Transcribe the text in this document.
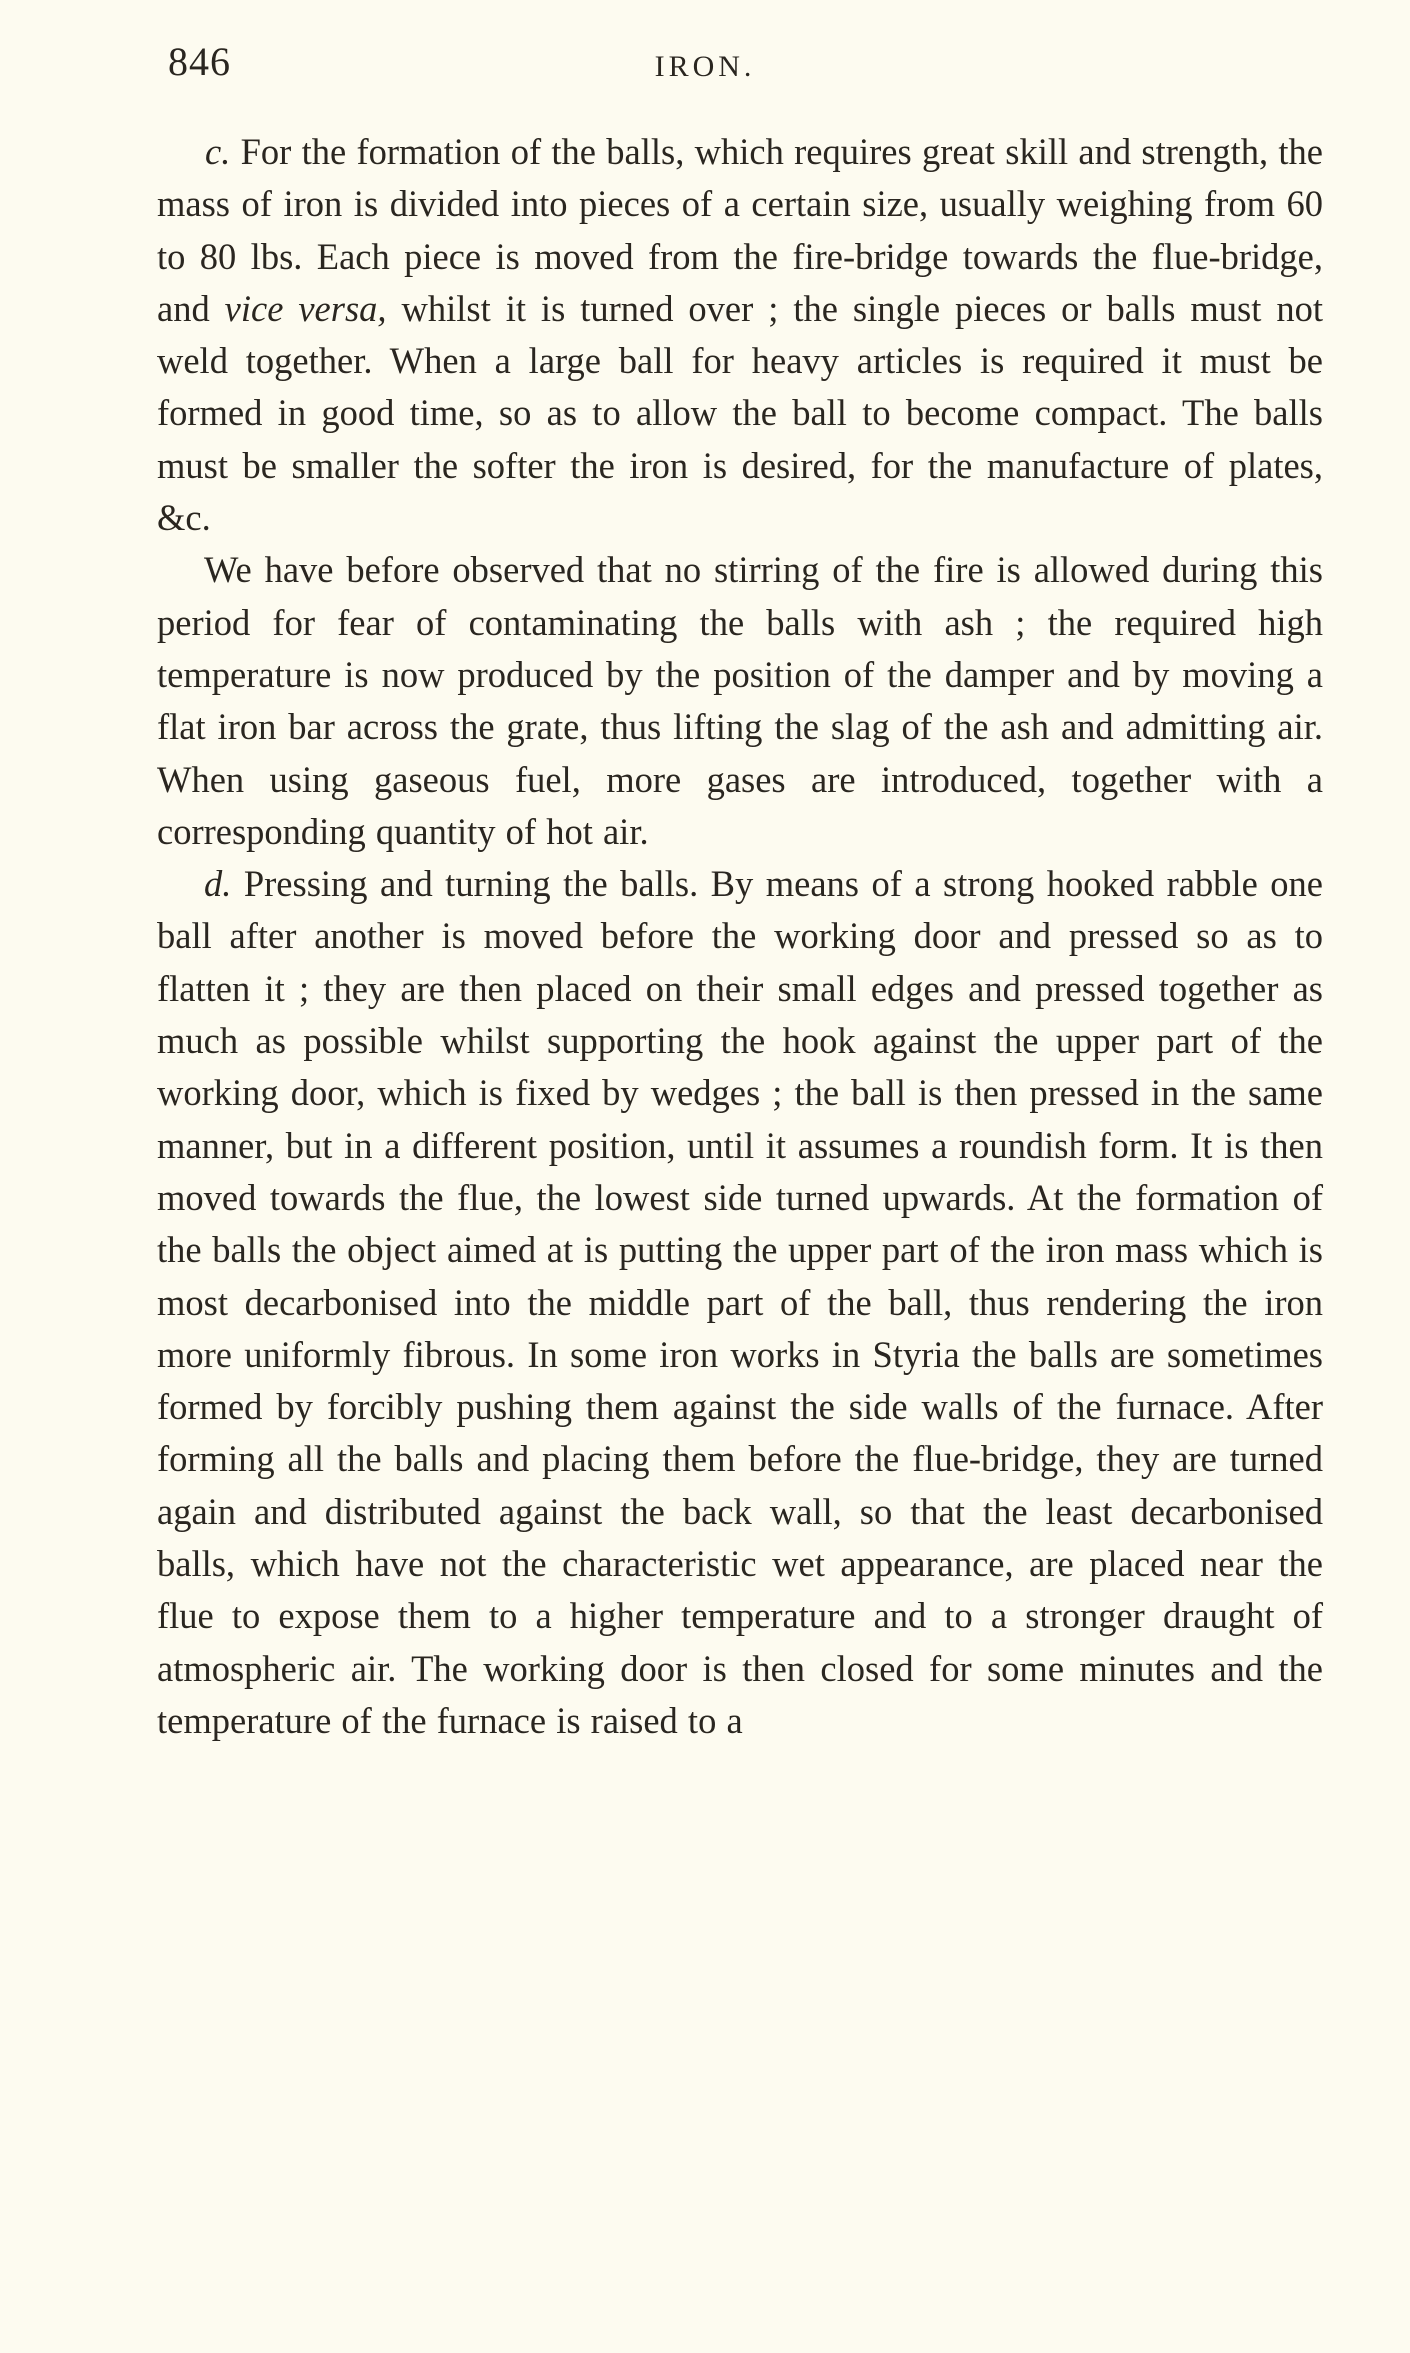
846	IRON.

c. For the formation of the balls, which requires great skill and strength, the mass of iron is divided into pieces of a certain size, usually weighing from 60 to 80 lbs. Each piece is moved from the fire-bridge towards the flue-bridge, and vice versa, whilst it is turned over ; the single pieces or balls must not weld together. When a large ball for heavy articles is required it must be formed in good time, so as to allow the ball to become compact. The balls must be smaller the softer the iron is desired, for the manufacture of plates, &c.

We have before observed that no stirring of the fire is allowed during this period for fear of contaminating the balls with ash ; the required high temperature is now produced by the position of the damper and by moving a flat iron bar across the grate, thus lifting the slag of the ash and admitting air. When using gaseous fuel, more gases are introduced, together with a corresponding quantity of hot air.

d. Pressing and turning the balls. By means of a strong hooked rabble one ball after another is moved before the working door and pressed so as to flatten it ; they are then placed on their small edges and pressed together as much as possible whilst supporting the hook against the upper part of the working door, which is fixed by wedges ; the ball is then pressed in the same manner, but in a different position, until it assumes a roundish form. It is then moved towards the flue, the lowest side turned upwards. At the formation of the balls the object aimed at is putting the upper part of the iron mass which is most decarbonised into the middle part of the ball, thus rendering the iron more uniformly fibrous. In some iron works in Styria the balls are sometimes formed by forcibly pushing them against the side walls of the furnace. After forming all the balls and placing them before the flue-bridge, they are turned again and distributed against the back wall, so that the least decarbonised balls, which have not the characteristic wet appearance, are placed near the flue to expose them to a higher temperature and to a stronger draught of atmospheric air. The working door is then closed for some minutes and the temperature of the furnace is raised to a
